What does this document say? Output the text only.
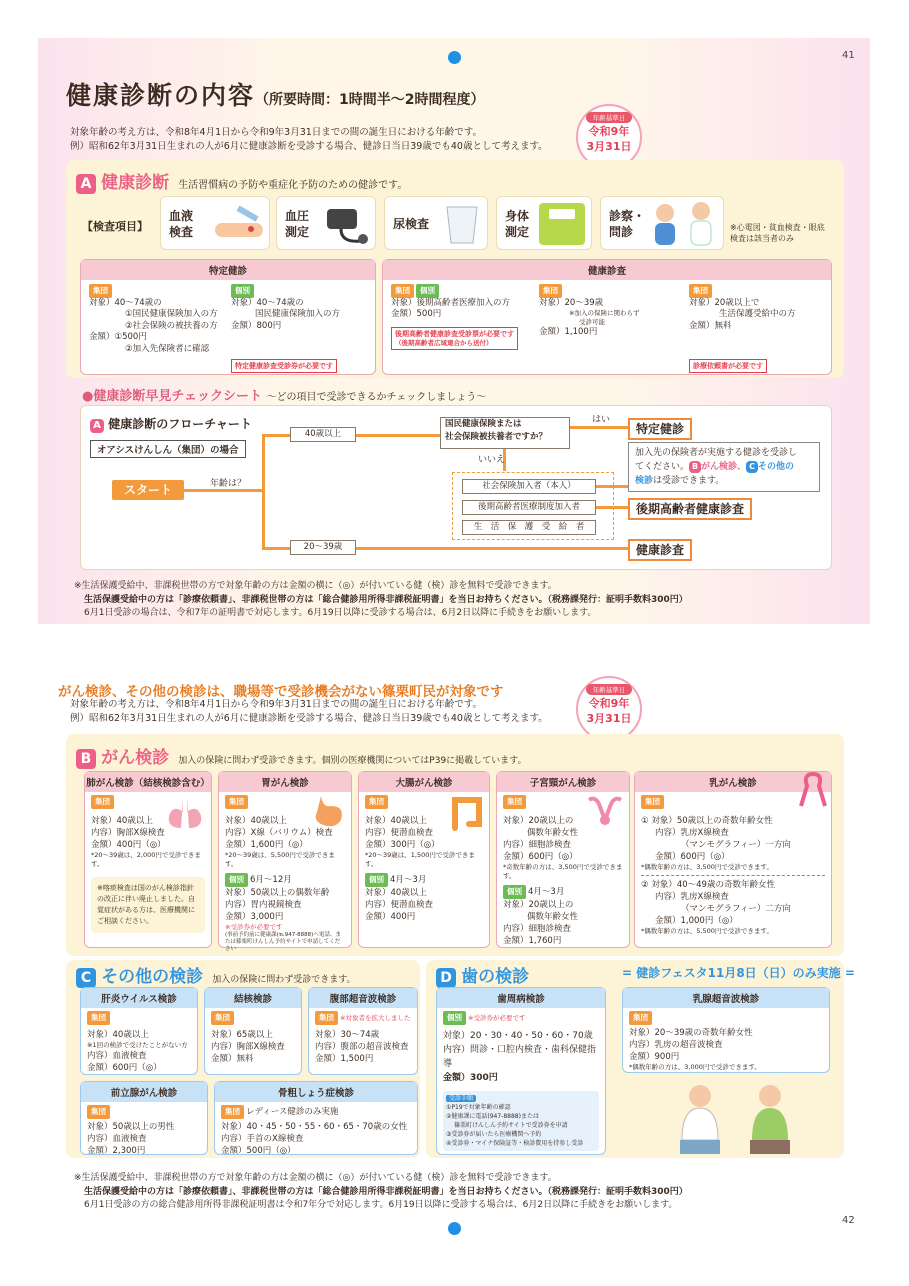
41
健康診断の内容（所要時間：1時間半〜2時間程度）
対象年齢の考え方は、令和8年4月1日から令和9年3月31日までの間の誕生日における年齢です。
例）昭和62年3月31日生まれの人が6月に健康診断を受診する場合、健診日当日39歳でも40歳として考えます。
年齢基準日
令和9年
3月31日
A 健康診断 生活習慣病の予防や重症化予防のための健診です。
【検査項目】
血液
検査
血圧
測定
尿検査
身体
測定
診察・
問診	※心電図・貧血検査・眼底
検査は該当者のみ
特定健診
集団
対象）40〜74歳の
①国民健康保険加入の方
②社会保険の被扶養の方
金額）①500円
②加入先保険者に確認
個別
対象）40〜74歳の
国民健康保険加入の方
金額）800円
特定健康診査受診券が必要です
健康診査
集団 個別
対象）後期高齢者医療加入の方
金額）500円
後期高齢者健康診査受診票が必要です
（後期高齢者広域連合から送付）
集団
対象）20〜39歳
※加入の保険に関わらず
受診可能
金額）1,100円
集団
対象）20歳以上で
生活保護受給中の方
金額）無料
診療依頼書が必要です
●健康診断早見チェックシート 〜どの項目で受診できるかチェックしましょう〜
A 健康診断のフローチャート
オアシスけんしん（集団）の場合
スタート	年齢は？
40歳以上
20〜39歳
国民健康保険または
社会保険被扶養者ですか？
はい
いいえ
社会保険加入者（本人）
後期高齢者医療制度加入者
生　活　保　護　受　給　者
特定健診
後期高齢者健康診査
健康診査
加入先の保険者が実施する健診を受診し
てください。 B がん検診、 C その他の
検診は受診できます。
※生活保護受給中、非課税世帯の方で対象年齢の方は金額の横に（◎）が付いている健（検）診を無料で受診できます。
生活保護受給中の方は「診療依頼書」、非課税世帯の方は「総合健診用所得非課税証明書」を当日お持ちください。（税務課発行：証明手数料300円）
6月1日受診の場合は、令和7年の証明書で対応します。6月19日以降に受診する場合は、6月2日以降に手続きをお願いします。
がん検診、その他の検診は、職場等で受診機会がない篠栗町民が対象です
対象年齢の考え方は、令和8年4月1日から令和9年3月31日までの間の誕生日における年齢です。
例）昭和62年3月31日生まれの人が6月に健康診断を受診する場合、健診日当日39歳でも40歳として考えます。
年齢基準日
令和9年
3月31日
B がん検診 加入の保険に問わず受診できます。個別の医療機関についてはP39に掲載しています。
肺がん検診（結核検診含む）
集団
対象）40歳以上
内容）胸部X線検査
金額）400円（◎）
*20〜39歳は、2,000円で受診できます。
※喀痰検査は国のがん検診指針の改正に伴い廃止しました。自覚症状がある方は、医療機関にご相談ください。
胃がん検診
集団
対象）40歳以上
内容）X線（バリウム）検査
金額）1,600円（◎）
*20〜39歳は、5,500円で受診できます。
個別 6月〜12月
対象）50歳以上の偶数年齢
内容）胃内視鏡検査
金額）3,000円
※受診券が必要です
(事前予約前に健康課(℡947-8888)へ電話、または篠栗町けんしん予約サイトで申請してください
大腸がん検診
集団
対象）40歳以上
内容）便潜血検査
金額）300円（◎）
*20〜39歳は、1,500円で受診できます。
個別 4月〜3月
対象）40歳以上
内容）便潜血検査
金額）400円
子宮頸がん検診
集団
対象）20歳以上の
偶数年齢女性
内容）細胞診検査
金額）600円（◎）
*奇数年齢の方は、3,500円で受診できます。
個別 4月〜3月
対象）20歳以上の
偶数年齢女性
内容）細胞診検査
金額）1,760円
乳がん検診
集団
① 対象）50歳以上の奇数年齢女性
内容）乳房X線検査
（マンモグラフィー）一方向
金額）600円（◎）
*偶数年齢の方は、3,500円で受診できます。
② 対象）40〜49歳の奇数年齢女性
内容）乳房X線検査
（マンモグラフィー）二方向
金額）1,000円（◎）
*偶数年齢の方は、5,500円で受診できます。
C その他の検診 加入の保険に問わず受診できます。
肝炎ウイルス検診
集団
対象）40歳以上
※1回の検診で受けたことがない方
内容）血液検査
金額）600円（◎）
結核検診
集団
対象）65歳以上
内容）胸部X線検査
金額）無料
腹部超音波検診
集団 ※対象者を拡大しました
対象）30〜74歳
内容）腹部の超音波検査
金額）1,500円
前立腺がん検診
集団
対象）50歳以上の男性
内容）血液検査
金額）2,300円
骨粗しょう症検診
集団 レディース健診のみ実施
対象）40・45・50・55・60・65・70歳の女性
内容）手首のX線検査
金額）500円（◎）
D 歯の検診
歯周病検診
個別 ※受診券が必要です
対象）20・30・40・50・60・70歳
内容）問診・口腔内検査・歯科保健指導
金額）300円
受診手順
①P19で対象年齢の確認
②健康課に電話(947-8888)または
篠栗町けんしん予約サイトで受診券を申請
③受診券が届いたら医療機関へ予約
④受診券・マイナ保険証等・検診費用を持参し受診
= 健診フェスタ11月8日（日）のみ実施 =
乳腺超音波検診
集団
対象）20〜39歳の奇数年齢女性
内容）乳房の超音波検査
金額）900円
*偶数年齢の方は、3,000円で受診できます。
※生活保護受給中、非課税世帯の方で対象年齢の方は金額の横に（◎）が付いている健（検）診を無料で受診できます。
生活保護受給中の方は「診療依頼書」、非課税世帯の方は「総合健診用所得非課税証明書」を当日お持ちください。（税務課発行：証明手数料300円）
6月1日受診の方の総合健診用所得非課税証明書は令和7年分で対応します。6月19日以降に受診する場合は、6月2日以降に手続きをお願いします。
42
